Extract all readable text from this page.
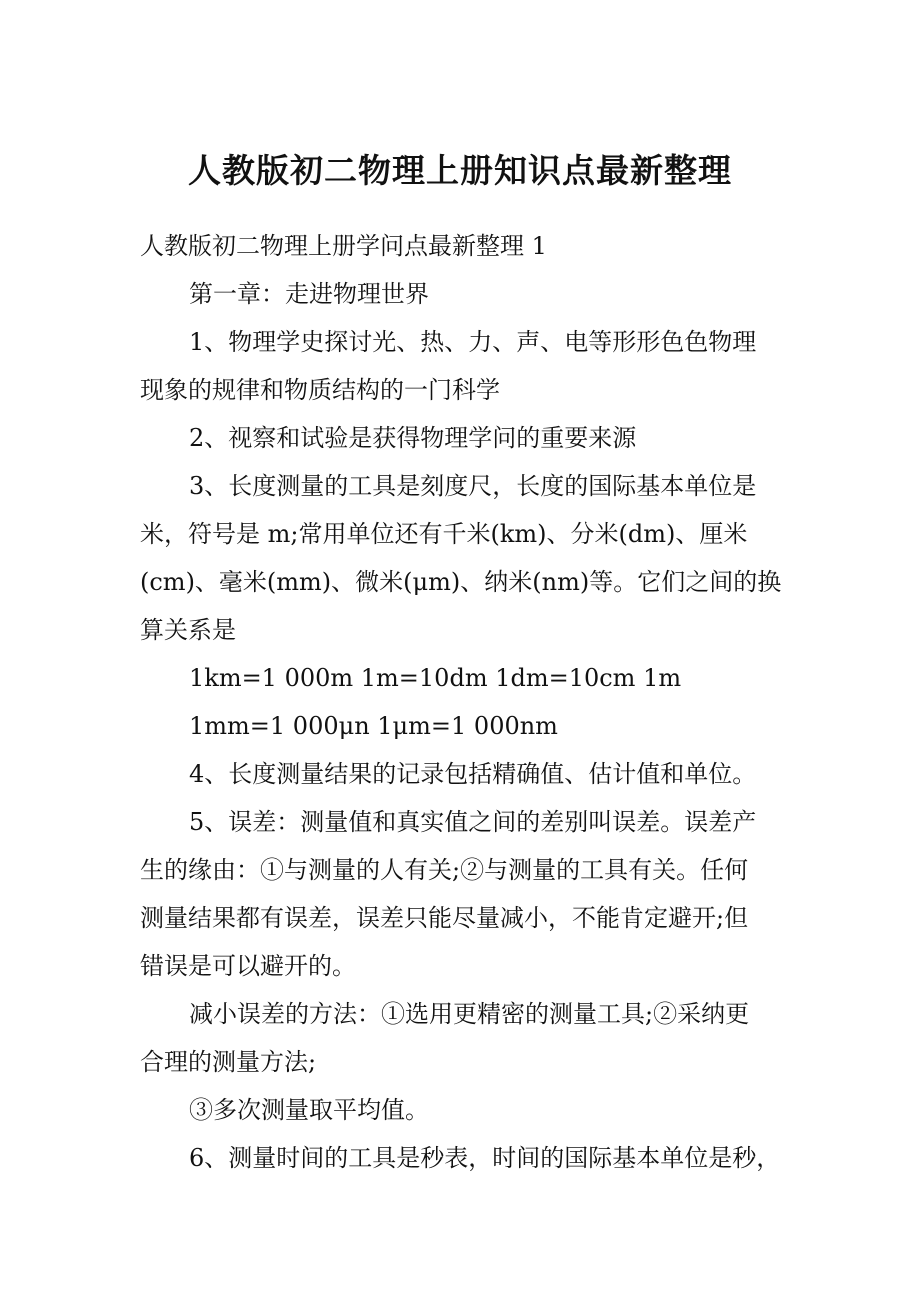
人教版初二物理上册知识点最新整理
人教版初二物理上册学问点最新整理 1
第一章：走进物理世界
1、物理学史探讨光、热、力、声、电等形形色色物理
现象的规律和物质结构的一门科学
2、视察和试验是获得物理学问的重要来源
3、长度测量的工具是刻度尺，长度的国际基本单位是
米，符号是 m;常用单位还有千米(km)、分米(dm)、厘米
(cm)、毫米(mm)、微米(μm)、纳米(nm)等。它们之间的换
算关系是
1km=1 000m 1m=10dm 1dm=10cm 1m
1mm=1 000μn 1μm=1 000nm
4、长度测量结果的记录包括精确值、估计值和单位。
5、误差：测量值和真实值之间的差别叫误差。误差产
生的缘由：①与测量的人有关;②与测量的工具有关。任何
测量结果都有误差，误差只能尽量减小，不能肯定避开;但
错误是可以避开的。
减小误差的方法：①选用更精密的测量工具;②采纳更
合理的测量方法;
③多次测量取平均值。
6、测量时间的工具是秒表，时间的国际基本单位是秒，
